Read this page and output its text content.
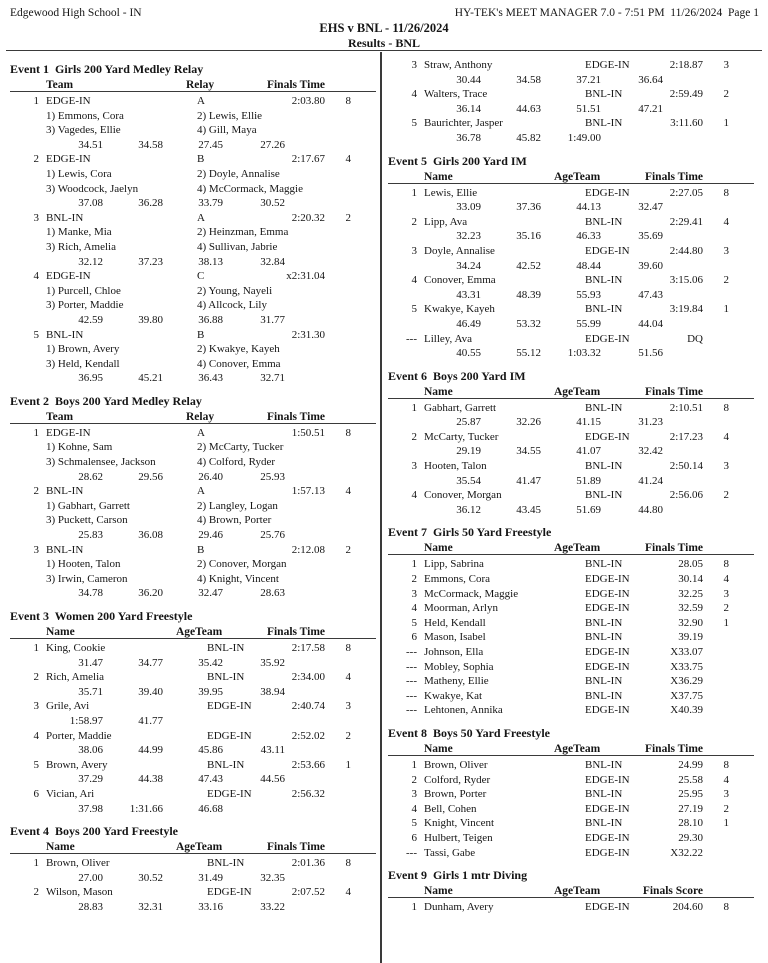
Edgewood High School - IN	HY-TEK's MEET MANAGER 7.0 - 7:51 PM  11/26/2024  Page 1
EHS v BNL - 11/26/2024
Results - BNL
Event 1  Girls 200 Yard Medley Relay
Team	Relay	Finals Time
1 EDGE-IN	A	2:03.80	8
1) Emmons, Cora	2) Lewis, Ellie
3) Vagedes, Ellie	4) Gill, Maya
34.51	34.58	27.45	27.26
2 EDGE-IN	B	2:17.67	4
1) Lewis, Cora	2) Doyle, Annalise
3) Woodcock, Jaelyn	4) McCormack, Maggie
37.08	36.28	33.79	30.52
3 BNL-IN	A	2:20.32	2
1) Manke, Mia	2) Heinzman, Emma
3) Rich, Amelia	4) Sullivan, Jabrie
32.12	37.23	38.13	32.84
4 EDGE-IN	C	x2:31.04
1) Purcell, Chloe	2) Young, Nayeli
3) Porter, Maddie	4) Allcock, Lily
42.59	39.80	36.88	31.77
5 BNL-IN	B	2:31.30
1) Brown, Avery	2) Kwakye, Kayeh
3) Held, Kendall	4) Conover, Emma
36.95	45.21	36.43	32.71
Event 2  Boys 200 Yard Medley Relay
Team	Relay	Finals Time
1 EDGE-IN	A	1:50.51	8
1) Kohne, Sam	2) McCarty, Tucker
3) Schmalensee, Jackson	4) Colford, Ryder
28.62	29.56	26.40	25.93
2 BNL-IN	A	1:57.13	4
1) Gabhart, Garrett	2) Langley, Logan
3) Puckett, Carson	4) Brown, Porter
25.83	36.08	29.46	25.76
3 BNL-IN	B	2:12.08	2
1) Hooten, Talon	2) Conover, Morgan
3) Irwin, Cameron	4) Knight, Vincent
34.78	36.20	32.47	28.63
Event 3  Women 200 Yard Freestyle
Name	AgeTeam	Finals Time
1 King, Cookie	BNL-IN	2:17.58	8
31.47	34.77	35.42	35.92
2 Rich, Amelia	BNL-IN	2:34.00	4
35.71	39.40	39.95	38.94
3 Grile, Avi	EDGE-IN	2:40.74	3
1:58.97	41.77
4 Porter, Maddie	EDGE-IN	2:52.02	2
38.06	44.99	45.86	43.11
5 Brown, Avery	BNL-IN	2:53.66	1
37.29	44.38	47.43	44.56
6 Vician, Ari	EDGE-IN	2:56.32
37.98	1:31.66	46.68
Event 4  Boys 200 Yard Freestyle
Name	AgeTeam	Finals Time
1 Brown, Oliver	BNL-IN	2:01.36	8
27.00	30.52	31.49	32.35
2 Wilson, Mason	EDGE-IN	2:07.52	4
28.83	32.31	33.16	33.22
3 Straw, Anthony	EDGE-IN	2:18.87	3
30.44	34.58	37.21	36.64
4 Walters, Trace	BNL-IN	2:59.49	2
36.14	44.63	51.51	47.21
5 Baurichter, Jasper	BNL-IN	3:11.60	1
36.78	45.82	1:49.00
Event 5  Girls 200 Yard IM
Name	AgeTeam	Finals Time
1 Lewis, Ellie	EDGE-IN	2:27.05	8
33.09	37.36	44.13	32.47
2 Lipp, Ava	BNL-IN	2:29.41	4
32.23	35.16	46.33	35.69
3 Doyle, Annalise	EDGE-IN	2:44.80	3
34.24	42.52	48.44	39.60
4 Conover, Emma	BNL-IN	3:15.06	2
43.31	48.39	55.93	47.43
5 Kwakye, Kayeh	BNL-IN	3:19.84	1
46.49	53.32	55.99	44.04
--- Lilley, Ava	EDGE-IN	DQ
40.55	55.12	1:03.32	51.56
Event 6  Boys 200 Yard IM
Name	AgeTeam	Finals Time
1 Gabhart, Garrett	BNL-IN	2:10.51	8
25.87	32.26	41.15	31.23
2 McCarty, Tucker	EDGE-IN	2:17.23	4
29.19	34.55	41.07	32.42
3 Hooten, Talon	BNL-IN	2:50.14	3
35.54	41.47	51.89	41.24
4 Conover, Morgan	BNL-IN	2:56.06	2
36.12	43.45	51.69	44.80
Event 7  Girls 50 Yard Freestyle
Name	AgeTeam	Finals Time
1 Lipp, Sabrina	BNL-IN	28.05	8
2 Emmons, Cora	EDGE-IN	30.14	4
3 McCormack, Maggie	EDGE-IN	32.25	3
4 Moorman, Arlyn	EDGE-IN	32.59	2
5 Held, Kendall	BNL-IN	32.90	1
6 Mason, Isabel	BNL-IN	39.19
--- Johnson, Ella	EDGE-IN	X33.07
--- Mobley, Sophia	EDGE-IN	X33.75
--- Matheny, Ellie	BNL-IN	X36.29
--- Kwakye, Kat	BNL-IN	X37.75
--- Lehtonen, Annika	EDGE-IN	X40.39
Event 8  Boys 50 Yard Freestyle
Name	AgeTeam	Finals Time
1 Brown, Oliver	BNL-IN	24.99	8
2 Colford, Ryder	EDGE-IN	25.58	4
3 Brown, Porter	BNL-IN	25.95	3
4 Bell, Cohen	EDGE-IN	27.19	2
5 Knight, Vincent	BNL-IN	28.10	1
6 Hulbert, Teigen	EDGE-IN	29.30
--- Tassi, Gabe	EDGE-IN	X32.22
Event 9  Girls 1 mtr Diving
Name	AgeTeam	Finals Score
1 Dunham, Avery	EDGE-IN	204.60	8
